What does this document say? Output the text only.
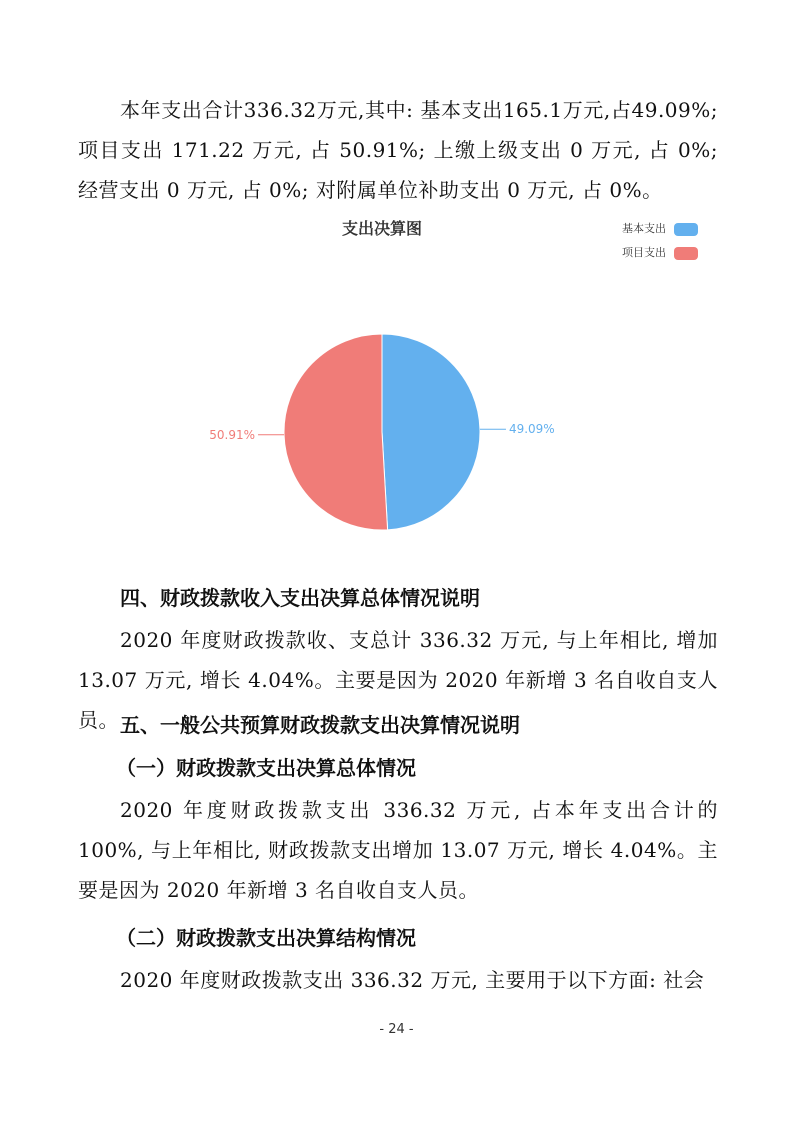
本年支出合计336.32万元,其中: 基本支出165.1万元,占49.09%; 项目支出 171.22 万元, 占 50.91%; 上缴上级支出 0 万元, 占 0%; 经营支出 0 万元, 占 0%; 对附属单位补助支出 0 万元, 占 0%。

支出决算图	基本支出
项目支出
49.09%
50.91%
四、财政拨款收入支出决算总体情况说明

2020 年度财政拨款收、支总计 336.32 万元, 与上年相比, 增加 13.07 万元, 增长 4.04%。主要是因为 2020 年新增 3 名自收自支人员。 五、一般公共预算财政拨款支出决算情况说明
（一）财政拨款支出决算总体情况

2020 年度财政拨款支出 336.32 万元, 占本年支出合计的 100%, 与上年相比, 财政拨款支出增加 13.07 万元, 增长 4.04%。主要是因为 2020 年新增 3 名自收自支人员。

（二）财政拨款支出决算结构情况

2020 年度财政拨款支出 336.32 万元, 主要用于以下方面: 社会

- 24 -
